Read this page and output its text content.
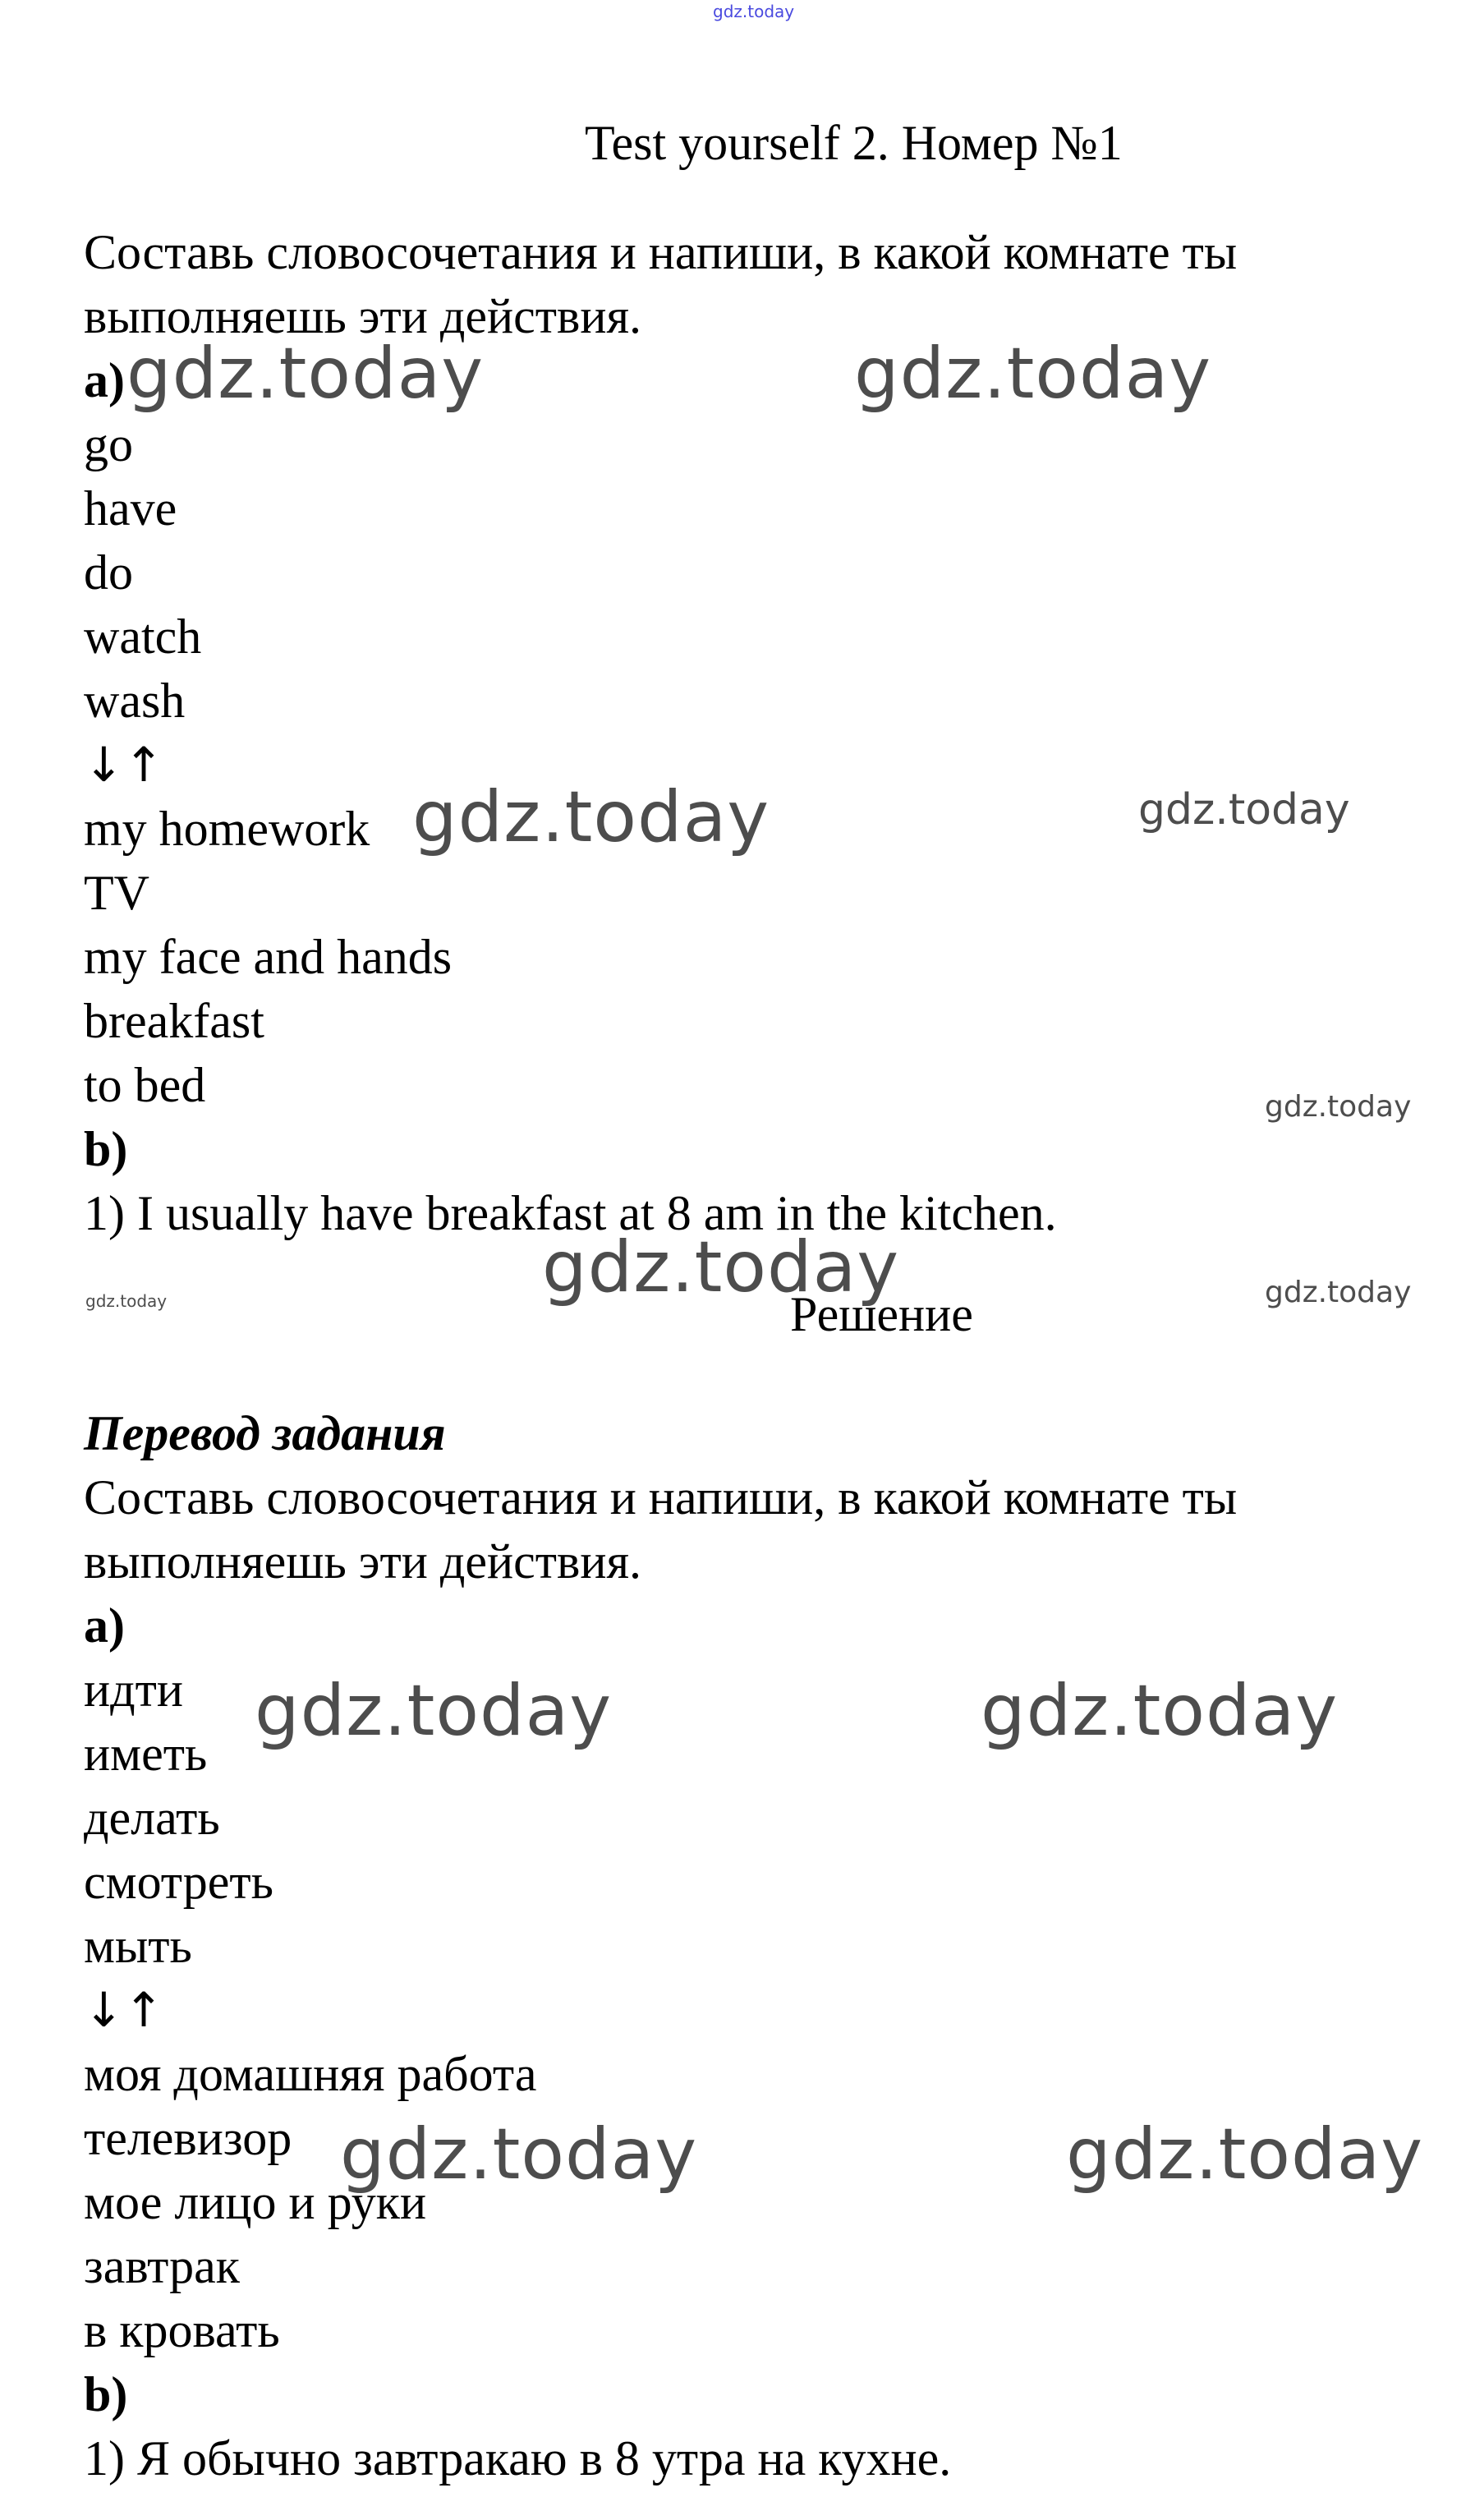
gdz.today
gdz.today	gdz.today
gdz.today	gdz.today
gdz.today
gdz.today
gdz.today	gdz.today
gdz.today	gdz.today
gdz.today	gdz.today
Test yourself 2. Номер №1

Составь словосочетания и напиши, в какой комнате ты
выполняешь эти действия.

a)
go
have
do
watch
wash
↓↑
my homework
TV
my face and hands
breakfast
to bed
b)
1) I usually have breakfast at 8 am in the kitchen.
Решение
Перевод задания

Составь словосочетания и напиши, в какой комнате ты
выполняешь эти действия.

a)
идти
иметь
делать
смотреть
мыть
↓↑
моя домашняя работа
телевизор
мое лицо и руки
завтрак
в кровать
b)
1) Я обычно завтракаю в 8 утра на кухне.
